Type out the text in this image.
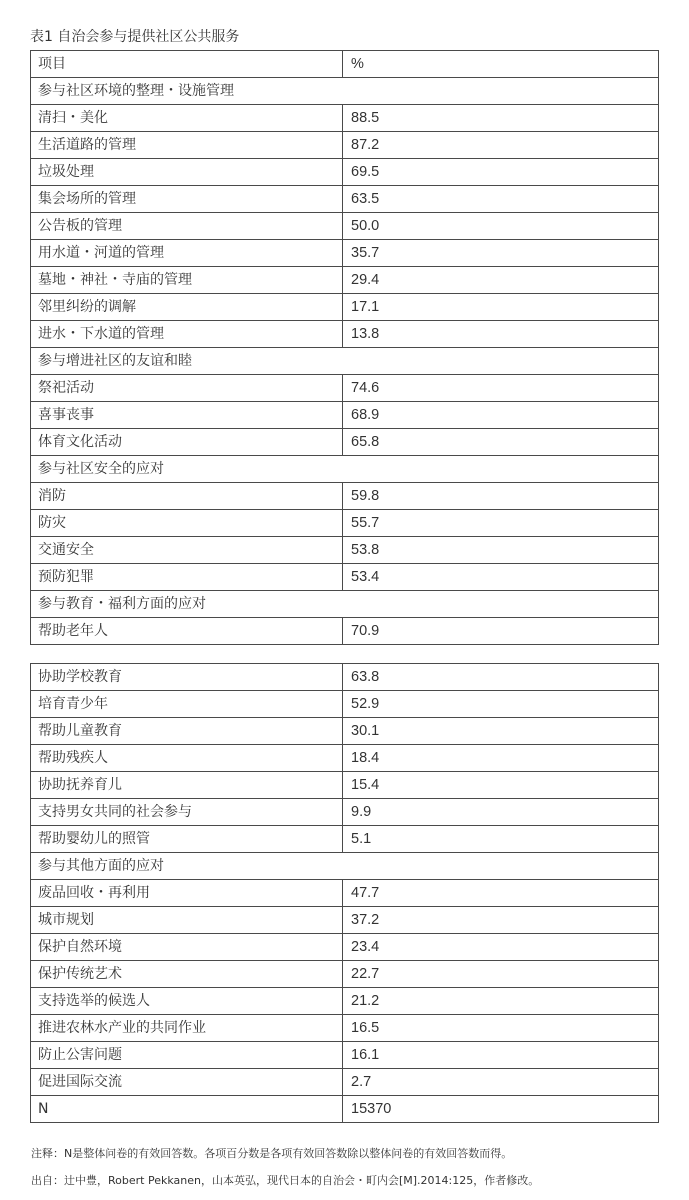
表1 自治会参与提供社区公共服务
项目	%
参与社区环境的整理・设施管理	
清扫・美化	88.5
生活道路的管理	87.2
垃圾处理	69.5
集会场所的管理	63.5
公告板的管理	50.0
用水道・河道的管理	35.7
墓地・神社・寺庙的管理	29.4
邻里纠纷的调解	17.1
进水・下水道的管理	13.8
参与增进社区的友谊和睦	
祭祀活动	74.6
喜事丧事	68.9
体育文化活动	65.8
参与社区安全的应对	
消防	59.8
防灾	55.7
交通安全	53.8
预防犯罪	53.4
参与教育・福利方面的应对	
帮助老年人	70.9
协助学校教育	63.8
培育青少年	52.9
帮助儿童教育	30.1
帮助残疾人	18.4
协助抚养育儿	15.4
支持男女共同的社会参与	9.9
帮助婴幼儿的照管	5.1
参与其他方面的应对	
废品回收・再利用	47.7
城市规划	37.2
保护自然环境	23.4
保护传统艺术	22.7
支持选举的候选人	21.2
推进农林水产业的共同作业	16.5
防止公害问题	16.1
促进国际交流	2.7
N	15370
注释：N是整体问卷的有效回答数。各项百分数是各项有效回答数除以整体问卷的有效回答数而得。
出自：辻中豊，Robert Pekkanen，山本英弘，现代日本的自治会・町内会[M].2014:125，作者修改。
